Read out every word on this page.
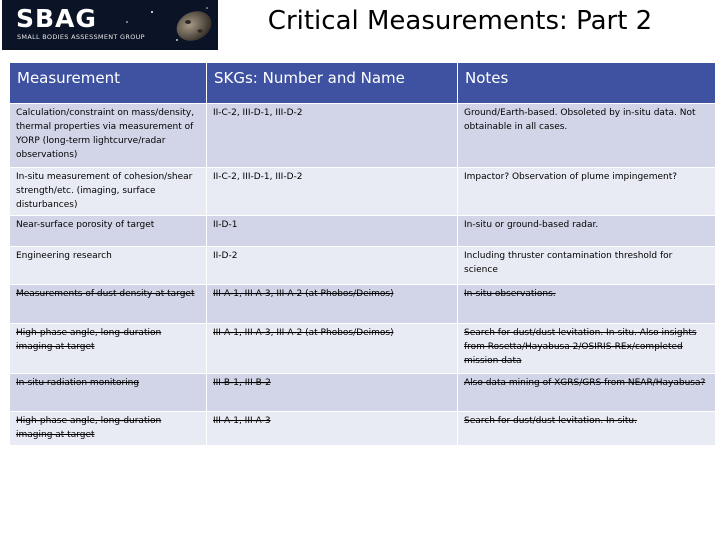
SBAG
SMALL BODIES ASSESSMENT GROUP
Critical Measurements: Part 2
Measurement	SKGs: Number and Name	Notes
Calculation/constraint on mass/density, thermal properties via measurement of YORP (long-term lightcurve/radar observations)	II-C-2, III-D-1, III-D-2	Ground/Earth-based. Obsoleted by in-situ data. Not obtainable in all cases.
In-situ measurement of cohesion/shear strength/etc. (imaging, surface disturbances)	II-C-2, III-D-1, III-D-2	Impactor? Observation of plume impingement?
Near-surface porosity of target	II-D-1	In-situ or ground-based radar.
Engineering research	II-D-2	Including thruster contamination threshold for science
Measurements of dust density at target	III-A-1, III-A-3, III-A-2 (at Phobos/Deimos)	In-situ observations.
High-phase angle, long-duration imaging at target	III-A-1, III-A-3, III-A-2 (at Phobos/Deimos)	Search for dust/dust levitation. In-situ. Also insights from Rosetta/Hayabusa 2/OSIRIS-REx/completed mission data
In-situ radiation monitoring	III-B-1, III-B-2	Also data mining of XGRS/GRS from NEAR/Hayabusa?
High-phase angle, long-duration imaging at target	III-A-1, III-A-3	Search for dust/dust levitation. In-situ.
